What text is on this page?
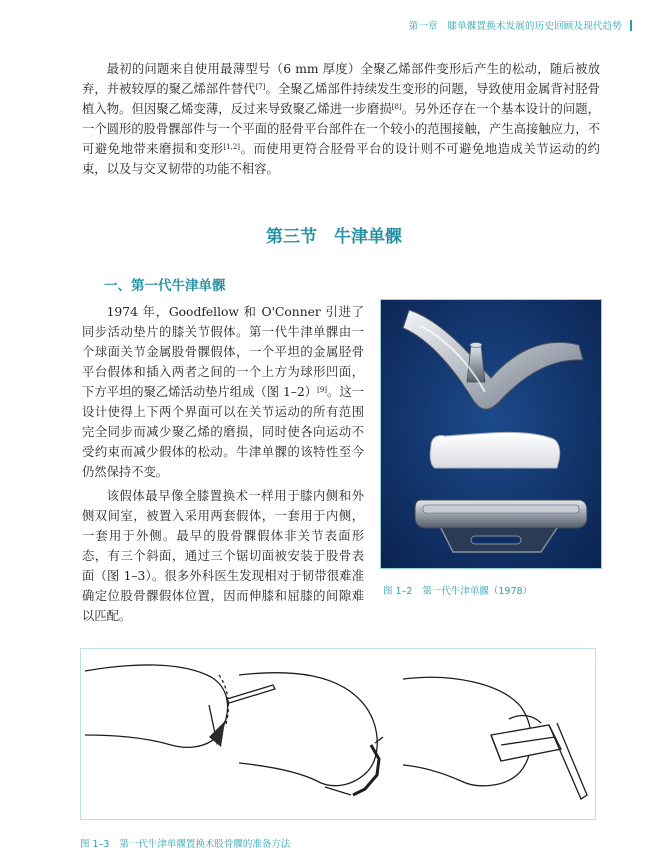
第一章　膝单髁置换术发展的历史回顾及现代趋势

最初的问题来自使用最薄型号（6 mm 厚度）全聚乙烯部件变形后产生的松动，随后被放弃，并被较厚的聚乙烯部件替代[7]。全聚乙烯部件持续发生变形的问题，导致使用金属背衬胫骨植入物。但因聚乙烯变薄，反过来导致聚乙烯进一步磨损[8]。另外还存在一个基本设计的问题，一个圆形的股骨髁部件与一个平面的胫骨平台部件在一个较小的范围接触，产生高接触应力，不可避免地带来磨损和变形[1,2]。而使用更符合胫骨平台的设计则不可避免地造成关节运动的约束，以及与交叉韧带的功能不相容。

第三节　牛津单髁
一、第一代牛津单髁

1974 年，Goodfellow 和 O'Conner 引进了同步活动垫片的膝关节假体。第一代牛津单髁由一个球面关节金属股骨髁假体，一个平坦的金属胫骨平台假体和插入两者之间的一个上方为球形凹面，下方平坦的聚乙烯活动垫片组成（图 1–2）[9]。这一设计使得上下两个界面可以在关节运动的所有范围完全同步而减少聚乙烯的磨损，同时使各向运动不受约束而减少假体的松动。牛津单髁的该特性至今仍然保持不变。

该假体最早像全膝置换术一样用于膝内侧和外侧双间室，被置入采用两套假体，一套用于内侧，一套用于外侧。最早的股骨髁假体非关节表面形态，有三个斜面，通过三个锯切面被安装于股骨表面（图 1–3）。很多外科医生发现相对于韧带很难准确定位股骨髁假体位置，因而伸膝和屈膝的间隙难以匹配。

图 1–2 第一代牛津单髁（1978）

图 1–3 第一代牛津单髁置换术股骨髁的准备方法
